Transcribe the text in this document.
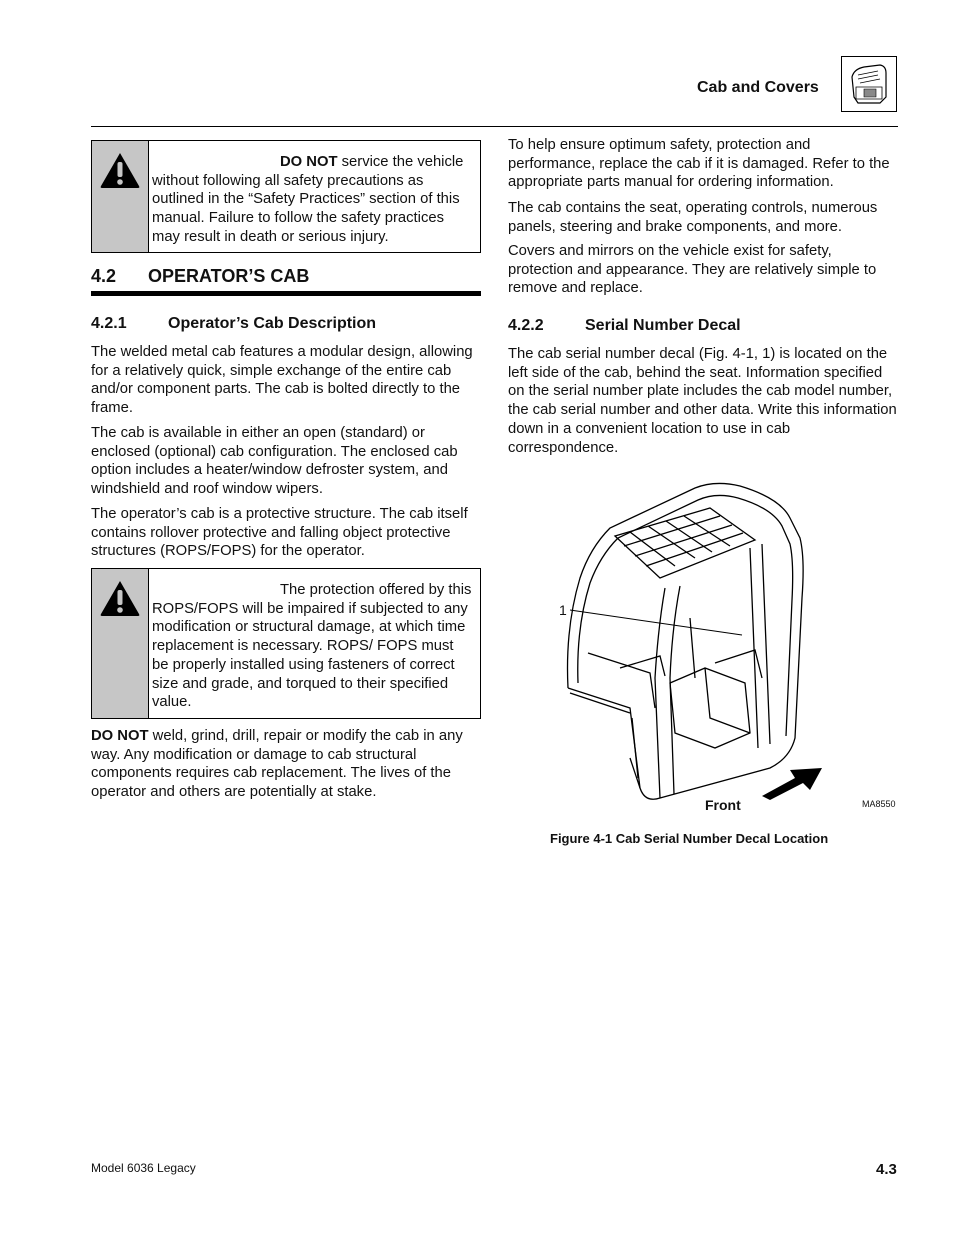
Cab and Covers
DO NOT service the vehicle without following all safety precautions as outlined in the “Safety Practices” section of this manual. Failure to follow the safety practices may result in death or serious injury.
4.2 OPERATOR’S CAB
4.2.1	Operator’s Cab Description
The welded metal cab features a modular design, allowing for a relatively quick, simple exchange of the entire cab and/or component parts. The cab is bolted directly to the frame.
The cab is available in either an open (standard) or enclosed (optional) cab configuration. The enclosed cab option includes a heater/window defroster system, and windshield and roof window wipers.
The operator’s cab is a protective structure. The cab itself contains rollover protective and falling object protective structures (ROPS/FOPS) for the operator.
The protection offered by this ROPS/FOPS will be impaired if subjected to any modification or structural damage, at which time replacement is necessary. ROPS/ FOPS must be properly installed using fasteners of correct size and grade, and torqued to their specified value.
DO NOT weld, grind, drill, repair or modify the cab in any way. Any modification or damage to cab structural components requires cab replacement. The lives of the operator and others are potentially at stake.
To help ensure optimum safety, protection and performance, replace the cab if it is damaged. Refer to the appropriate parts manual for ordering information.
The cab contains the seat, operating controls, numerous panels, steering and brake components, and more.
Covers and mirrors on the vehicle exist for safety, protection and appearance. They are relatively simple to remove and replace.
4.2.2	Serial Number Decal
The cab serial number decal (Fig. 4-1, 1) is located on the left side of the cab, behind the seat. Information specified on the serial number plate includes the cab model number, the cab serial number and other data. Write this information down in a convenient location to use in cab correspondence.
1
Front	MA8550
Figure 4-1 Cab Serial Number Decal Location
Model 6036 Legacy	4.3
